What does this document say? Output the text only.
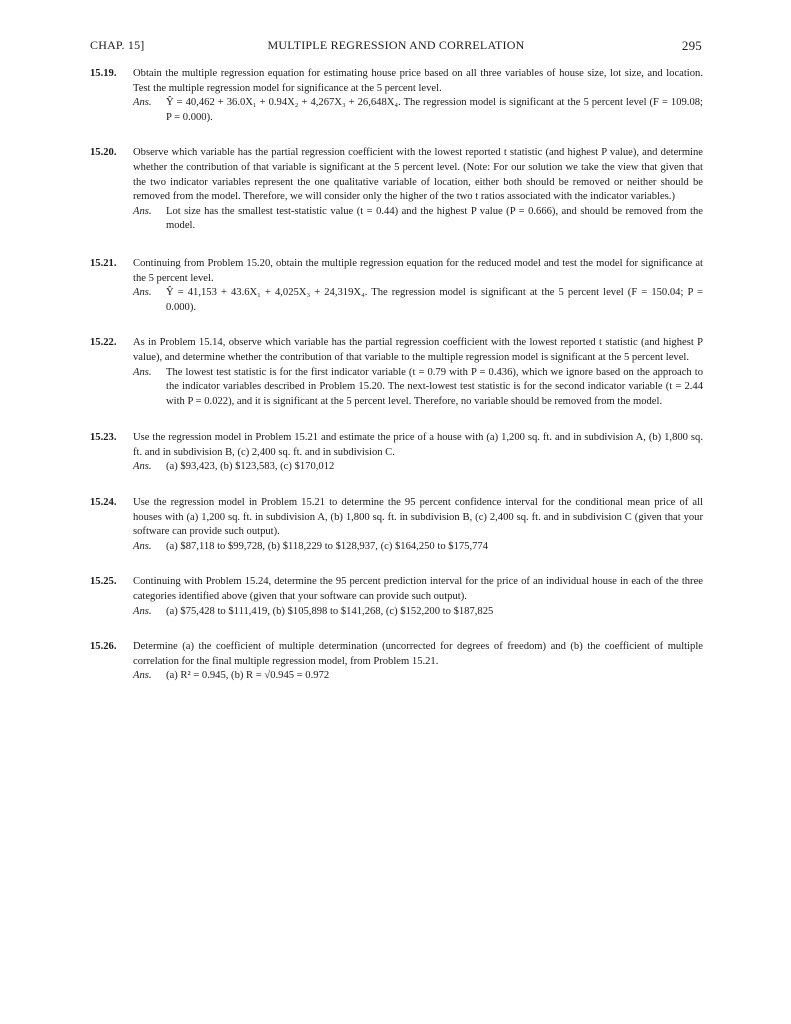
CHAP. 15]	MULTIPLE REGRESSION AND CORRELATION	295
15.19. Obtain the multiple regression equation for estimating house price based on all three variables of house size, lot size, and location. Test the multiple regression model for significance at the 5 percent level.
Ans. Ŷ = 40,462 + 36.0X₁ + 0.94X₂ + 4,267X₃ + 26,648X₄. The regression model is significant at the 5 percent level (F = 109.08; P = 0.000).
15.20. Observe which variable has the partial regression coefficient with the lowest reported t statistic (and highest P value), and determine whether the contribution of that variable is significant at the 5 percent level. (Note: For our solution we take the view that given that the two indicator variables represent the one qualitative variable of location, either both should be removed or neither should be removed from the model. Therefore, we will consider only the higher of the two t ratios associated with the indicator variables.)
Ans. Lot size has the smallest test-statistic value (t = 0.44) and the highest P value (P = 0.666), and should be removed from the model.
15.21. Continuing from Problem 15.20, obtain the multiple regression equation for the reduced model and test the model for significance at the 5 percent level.
Ans. Ŷ = 41,153 + 43.6X₁ + 4,025X₃ + 24,319X₄. The regression model is significant at the 5 percent level (F = 150.04; P = 0.000).
15.22. As in Problem 15.14, observe which variable has the partial regression coefficient with the lowest reported t statistic (and highest P value), and determine whether the contribution of that variable to the multiple regression model is significant at the 5 percent level.
Ans. The lowest test statistic is for the first indicator variable (t = 0.79 with P = 0.436), which we ignore based on the approach to the indicator variables described in Problem 15.20. The next-lowest test statistic is for the second indicator variable (t = 2.44 with P = 0.022), and it is significant at the 5 percent level. Therefore, no variable should be removed from the model.
15.23. Use the regression model in Problem 15.21 and estimate the price of a house with (a) 1,200 sq. ft. and in subdivision A, (b) 1,800 sq. ft. and in subdivision B, (c) 2,400 sq. ft. and in subdivision C.
Ans. (a) $93,423, (b) $123,583, (c) $170,012
15.24. Use the regression model in Problem 15.21 to determine the 95 percent confidence interval for the conditional mean price of all houses with (a) 1,200 sq. ft. in subdivision A, (b) 1,800 sq. ft. in subdivision B, (c) 2,400 sq. ft. and in subdivision C (given that your software can provide such output).
Ans. (a) $87,118 to $99,728, (b) $118,229 to $128,937, (c) $164,250 to $175,774
15.25. Continuing with Problem 15.24, determine the 95 percent prediction interval for the price of an individual house in each of the three categories identified above (given that your software can provide such output).
Ans. (a) $75,428 to $111,419, (b) $105,898 to $141,268, (c) $152,200 to $187,825
15.26. Determine (a) the coefficient of multiple determination (uncorrected for degrees of freedom) and (b) the coefficient of multiple correlation for the final multiple regression model, from Problem 15.21.
Ans. (a) R² = 0.945, (b) R = √0.945 = 0.972
